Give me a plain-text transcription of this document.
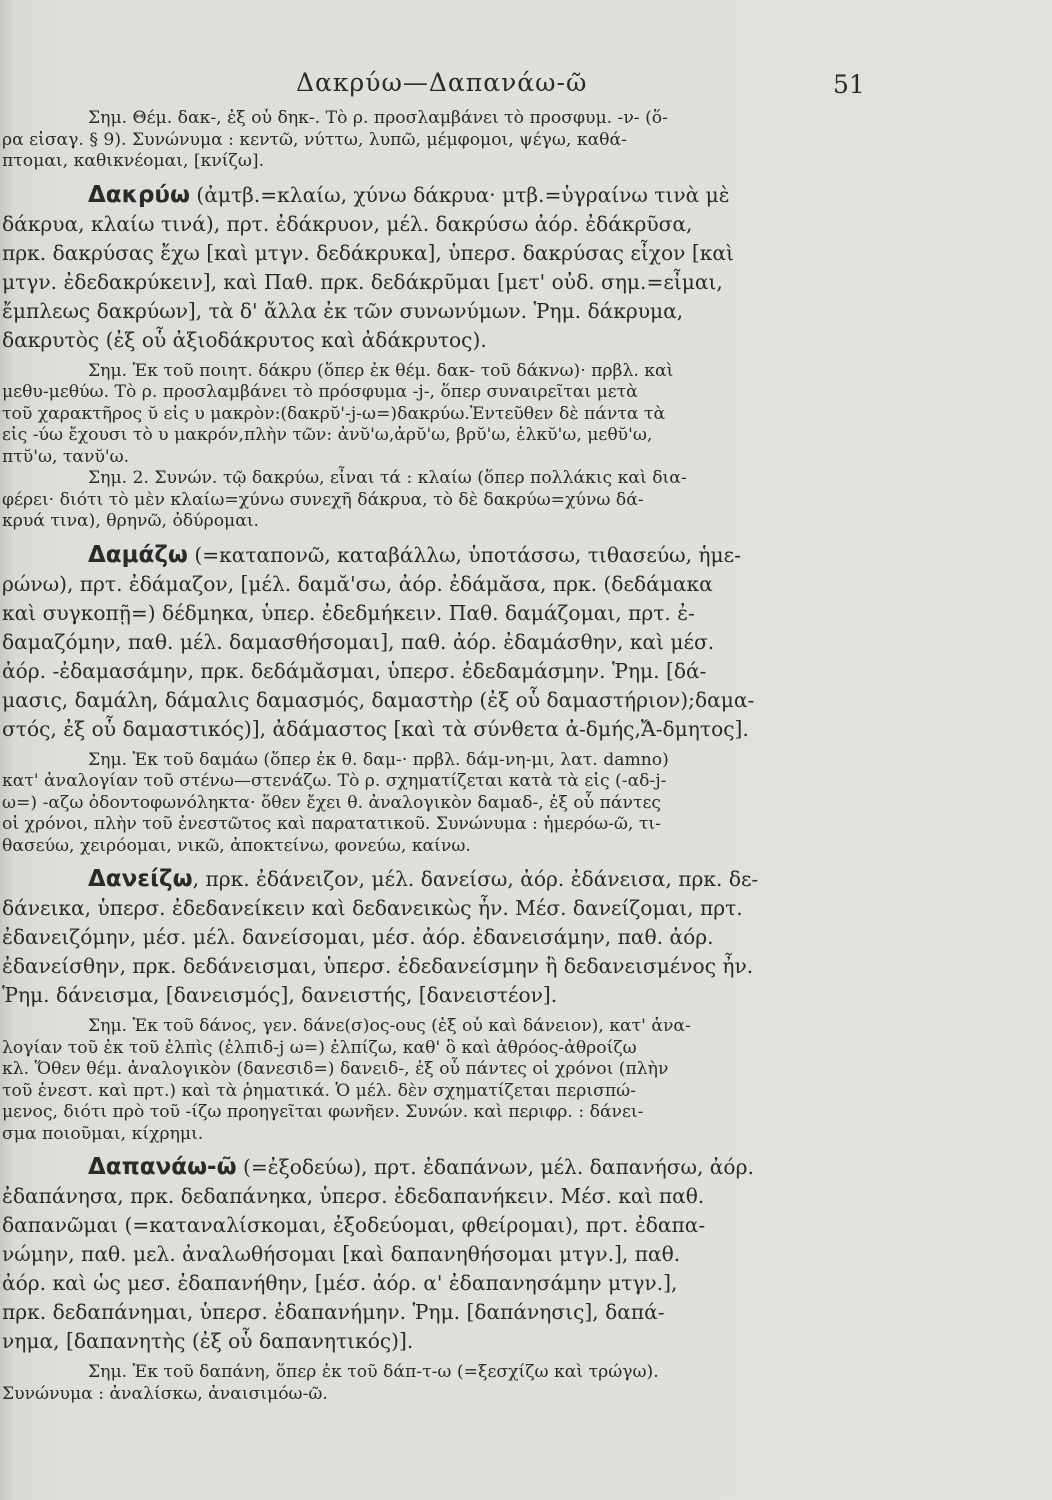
Δακρύω—Δαπανάω-ῶ	51
Σημ. Θέμ. δακ-, ἐξ οὗ δηκ-. Τὸ ρ. προσλαμβάνει τὸ προσφυμ. -ν- (ὅ-
ρα εἰσαγ. § 9). Συνώνυμα : κεντῶ, νύττω, λυπῶ, μέμφομοι, ψέγω, καθά-
πτομαι, καθικνέομαι, [κνίζω].
Δακρύω (ἀμτβ.=κλαίω, χύνω δάκρυα· μτβ.=ὑγραίνω τινὰ μὲ
δάκρυα, κλαίω τινά), πρτ. ἐδάκρυον, μέλ. δακρύσω ἀόρ. ἐδάκρῦσα,
πρκ. δακρύσας ἔχω [καὶ μτγν. δεδάκρυκα], ὑπερσ. δακρύσας εἶχον [καὶ
μτγν. ἐδεδακρύκειν], καὶ Παθ. πρκ. δεδάκρῦμαι [μετ' οὐδ. σημ.=εἶμαι,
ἔμπλεως δακρύων], τὰ δ' ἄλλα ἐκ τῶν συνωνύμων. Ῥημ. δάκρυμα,
δακρυτὸς (ἐξ οὗ ἀξιοδάκρυτος καὶ ἀδάκρυτος).
Σημ. Ἐκ τοῦ ποιητ. δάκρυ (ὅπερ ἐκ θέμ. δακ- τοῦ δάκνω)· πρβλ. καὶ
μεθυ-μεθύω. Τὸ ρ. προσλαμβάνει τὸ πρόσφυμα -j-, ὅπερ συναιρεῖται μετὰ
τοῦ χαρακτῆρος ῠ εἰς υ μακρὸν:(δακρῠ'-j-ω=)δακρύω.Ἐντεῦθεν δὲ πάντα τὰ
εἰς -ύω ἔχουσι τὸ υ μακρόν,πλὴν τῶν: ἀνῠ'ω,ἀρῠ'ω, βρῠ'ω, ἑλκῠ'ω, μεθῠ'ω,
πτῠ'ω, τανῠ'ω.
Σημ. 2. Συνών. τῷ δακρύω, εἶναι τά : κλαίω (ὅπερ πολλάκις καὶ δια-
φέρει· διότι τὸ μὲν κλαίω=χύνω συνεχῆ δάκρυα, τὸ δὲ δακρύω=χύνω δά-
κρυά τινα), θρηνῶ, ὀδύρομαι.
Δαμάζω (=καταπονῶ, καταβάλλω, ὑποτάσσω, τιθασεύω, ἡμε-
ρώνω), πρτ. ἐδάμαζον, [μέλ. δαμᾰ'σω, ἀόρ. ἐδάμᾰσα, πρκ. (δεδάμακα
καὶ συγκοπῇ=) δέδμηκα, ὑπερ. ἐδεδμήκειν. Παθ. δαμάζομαι, πρτ. ἐ-
δαμαζόμην, παθ. μέλ. δαμασθήσομαι], παθ. ἀόρ. ἐδαμάσθην, καὶ μέσ.
ἀόρ. -ἐδαμασάμην, πρκ. δεδάμᾰσμαι, ὑπερσ. ἐδεδαμάσμην. Ῥημ. [δά-
μασις, δαμάλη, δάμαλις δαμασμός, δαμαστὴρ (ἐξ οὗ δαμαστήριον);δαμα-
στός, ἐξ οὗ δαμαστικός)], ἀδάμαστος [καὶ τὰ σύνθετα ἀ-δμής,Ἄ-δμητος].
Σημ. Ἐκ τοῦ δαμάω (ὅπερ ἐκ θ. δαμ-· πρβλ. δάμ-νη-μι, λατ. damno)
κατ' ἀναλογίαν τοῦ στένω—στενάζω. Τὸ ρ. σχηματίζεται κατὰ τὰ εἰς (-αδ-j-
ω=) -αζω ὀδοντοφωνόληκτα· ὅθεν ἔχει θ. ἀναλογικὸν δαμαδ-, ἐξ οὗ πάντες
οἱ χρόνοι, πλὴν τοῦ ἐνεστῶτος καὶ παρατατικοῦ. Συνώνυμα : ἡμερόω-ῶ, τι-
θασεύω, χειρόομαι, νικῶ, ἀποκτείνω, φονεύω, καίνω.
Δανείζω, πρκ. ἐδάνειζον, μέλ. δανείσω, ἀόρ. ἐδάνεισα, πρκ. δε-
δάνεικα, ὑπερσ. ἐδεδανείκειν καὶ δεδανεικὼς ἦν. Μέσ. δανείζομαι, πρτ.
ἐδανειζόμην, μέσ. μέλ. δανείσομαι, μέσ. ἀόρ. ἐδανεισάμην, παθ. ἀόρ.
ἐδανείσθην, πρκ. δεδάνεισμαι, ὑπερσ. ἐδεδανείσμην ἢ δεδανεισμένος ἦν.
Ῥημ. δάνεισμα, [δανεισμός], δανειστής, [δανειστέον].
Σημ. Ἐκ τοῦ δάνος, γεν. δάνε(σ)ος-ους (ἐξ οὗ καὶ δάνειον), κατ' ἀνα-
λογίαν τοῦ ἐκ τοῦ ἐλπὶς (ἐλπιδ-j ω=) ἐλπίζω, καθ' ὃ καὶ ἀθρόος-ἀθροίζω
κλ. Ὅθεν θέμ. ἀναλογικὸν (δανεσιδ=) δανειδ-, ἐξ οὗ πάντες οἱ χρόνοι (πλὴν
τοῦ ἐνεστ. καὶ πρτ.) καὶ τὰ ῥηματικά. Ὁ μέλ. δὲν σχηματίζεται περισπώ-
μενος, διότι πρὸ τοῦ -ίζω προηγεῖται φωνῆεν. Συνών. καὶ περιφρ. : δάνει-
σμα ποιοῦμαι, κίχρημι.
Δαπανάω-ῶ (=ἐξοδεύω), πρτ. ἐδαπάνων, μέλ. δαπανήσω, ἀόρ.
ἐδαπάνησα, πρκ. δεδαπάνηκα, ὑπερσ. ἐδεδαπανήκειν. Μέσ. καὶ παθ.
δαπανῶμαι (=καταναλίσκομαι, ἐξοδεύομαι, φθείρομαι), πρτ. ἐδαπα-
νώμην, παθ. μελ. ἀναλωθήσομαι [καὶ δαπανηθήσομαι μτγν.], παθ.
ἀόρ. καὶ ὡς μεσ. ἐδαπανήθην, [μέσ. ἀόρ. α' ἐδαπανησάμην μτγν.],
πρκ. δεδαπάνημαι, ὑπερσ. ἐδαπανήμην. Ῥημ. [δαπάνησις], δαπά-
νημα, [δαπανητὴς (ἐξ οὗ δαπανητικός)].
Σημ. Ἐκ τοῦ δαπάνη, ὅπερ ἐκ τοῦ δάπ-τ-ω (=ξεσχίζω καὶ τρώγω).
Συνώνυμα : ἀναλίσκω, ἀναισιμόω-ῶ.
